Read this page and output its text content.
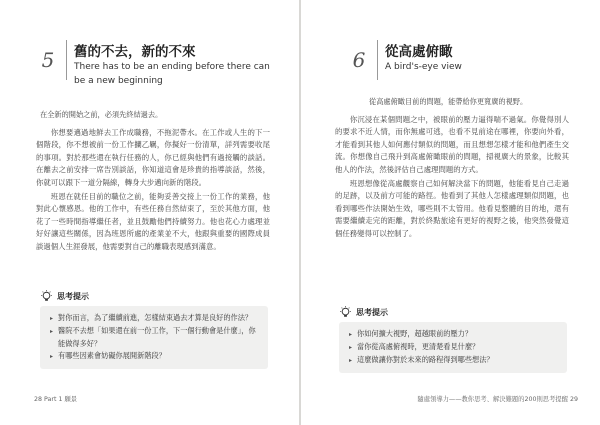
5	舊的不去，新的不來
There has to be an ending before there can be a new beginning
在全新的開始之前，必須先終結過去。

你想要邁過地鮮去工作成職務，不拖泥帶水。在工作或人生的下一個階段，你不想被前一份工作攔乙羈，你擬好一份清單，詳列需要收尾的事項。對於那些還在執行任務的人，你已經與他們有過接觸的談話。在離去之前安排一席告別談話，你知道這會是珍貴的指導談話，然後，你就可以跟下一道分隔線，轉身大步邁向新的階段。

班恩在就任目前的職位之前，能夠妥善交接上一份工作的業務，他對此心懷感恩。他的工作中，有些任務自然結束了，至於其他方面，他花了一些時間指導繼任者，並且鼓勵他們持續努力。他也花心力處理並好好讓這些關係，因為班恩所處的產業並不大，他跟與重要的國際成員談過個人生涯發展，他需要對自己的離職表現感到滿意。

思考提示
▸ 對你而言，為了繼續前進，怎樣結束過去才算是良好的作法？
▸ 醫院不去想「如果還在前一份工作，下一個行動會是什麼」，你能做得多好？
▸ 有哪些因素會妨礙你展開新階段？
28 Part 1 願景
6	從高處俯瞰
A bird's-eye view
從高處俯瞰目前的問題，能帶給你更寬廣的視野。

你沉浸在某個問題之中，被眼前的壓力逼得喘不過氣。你覺得別人的要求不近人情，而你無處可逃，也看不見前途在哪裡，你要向外看，才能看到其他人如何應付類似的問題，而且想想怎樣才能和他們產生交流。你想像自己飛升到高處俯瞰眼前的問題，掃視廣大的景象，比較其他人的作法，然後評估自己處理問題的方式。

班恩想像從高處觀察自己如何解決當下的問題，他能看見自己走過的足跡，以及前方可能的路徑。他看到了其他人怎樣處理類似問題，也看到哪些作法開始生效，哪些則不太管用。他看見整體的目的地，還有需要繼續走完的距離，對於終點旅途有更好的視野之後，他突然發覺這個任務變得可以控制了。

思考提示
▸ 你如何擴大視野，超越眼前的壓力？
▸ 當你從高處俯視時，更清楚看見什麼？
▸ 這麼做讓你對於未來的路程得到哪些想法？
隨處領導力——教你思考、解決難題的200則思考提醒 29
